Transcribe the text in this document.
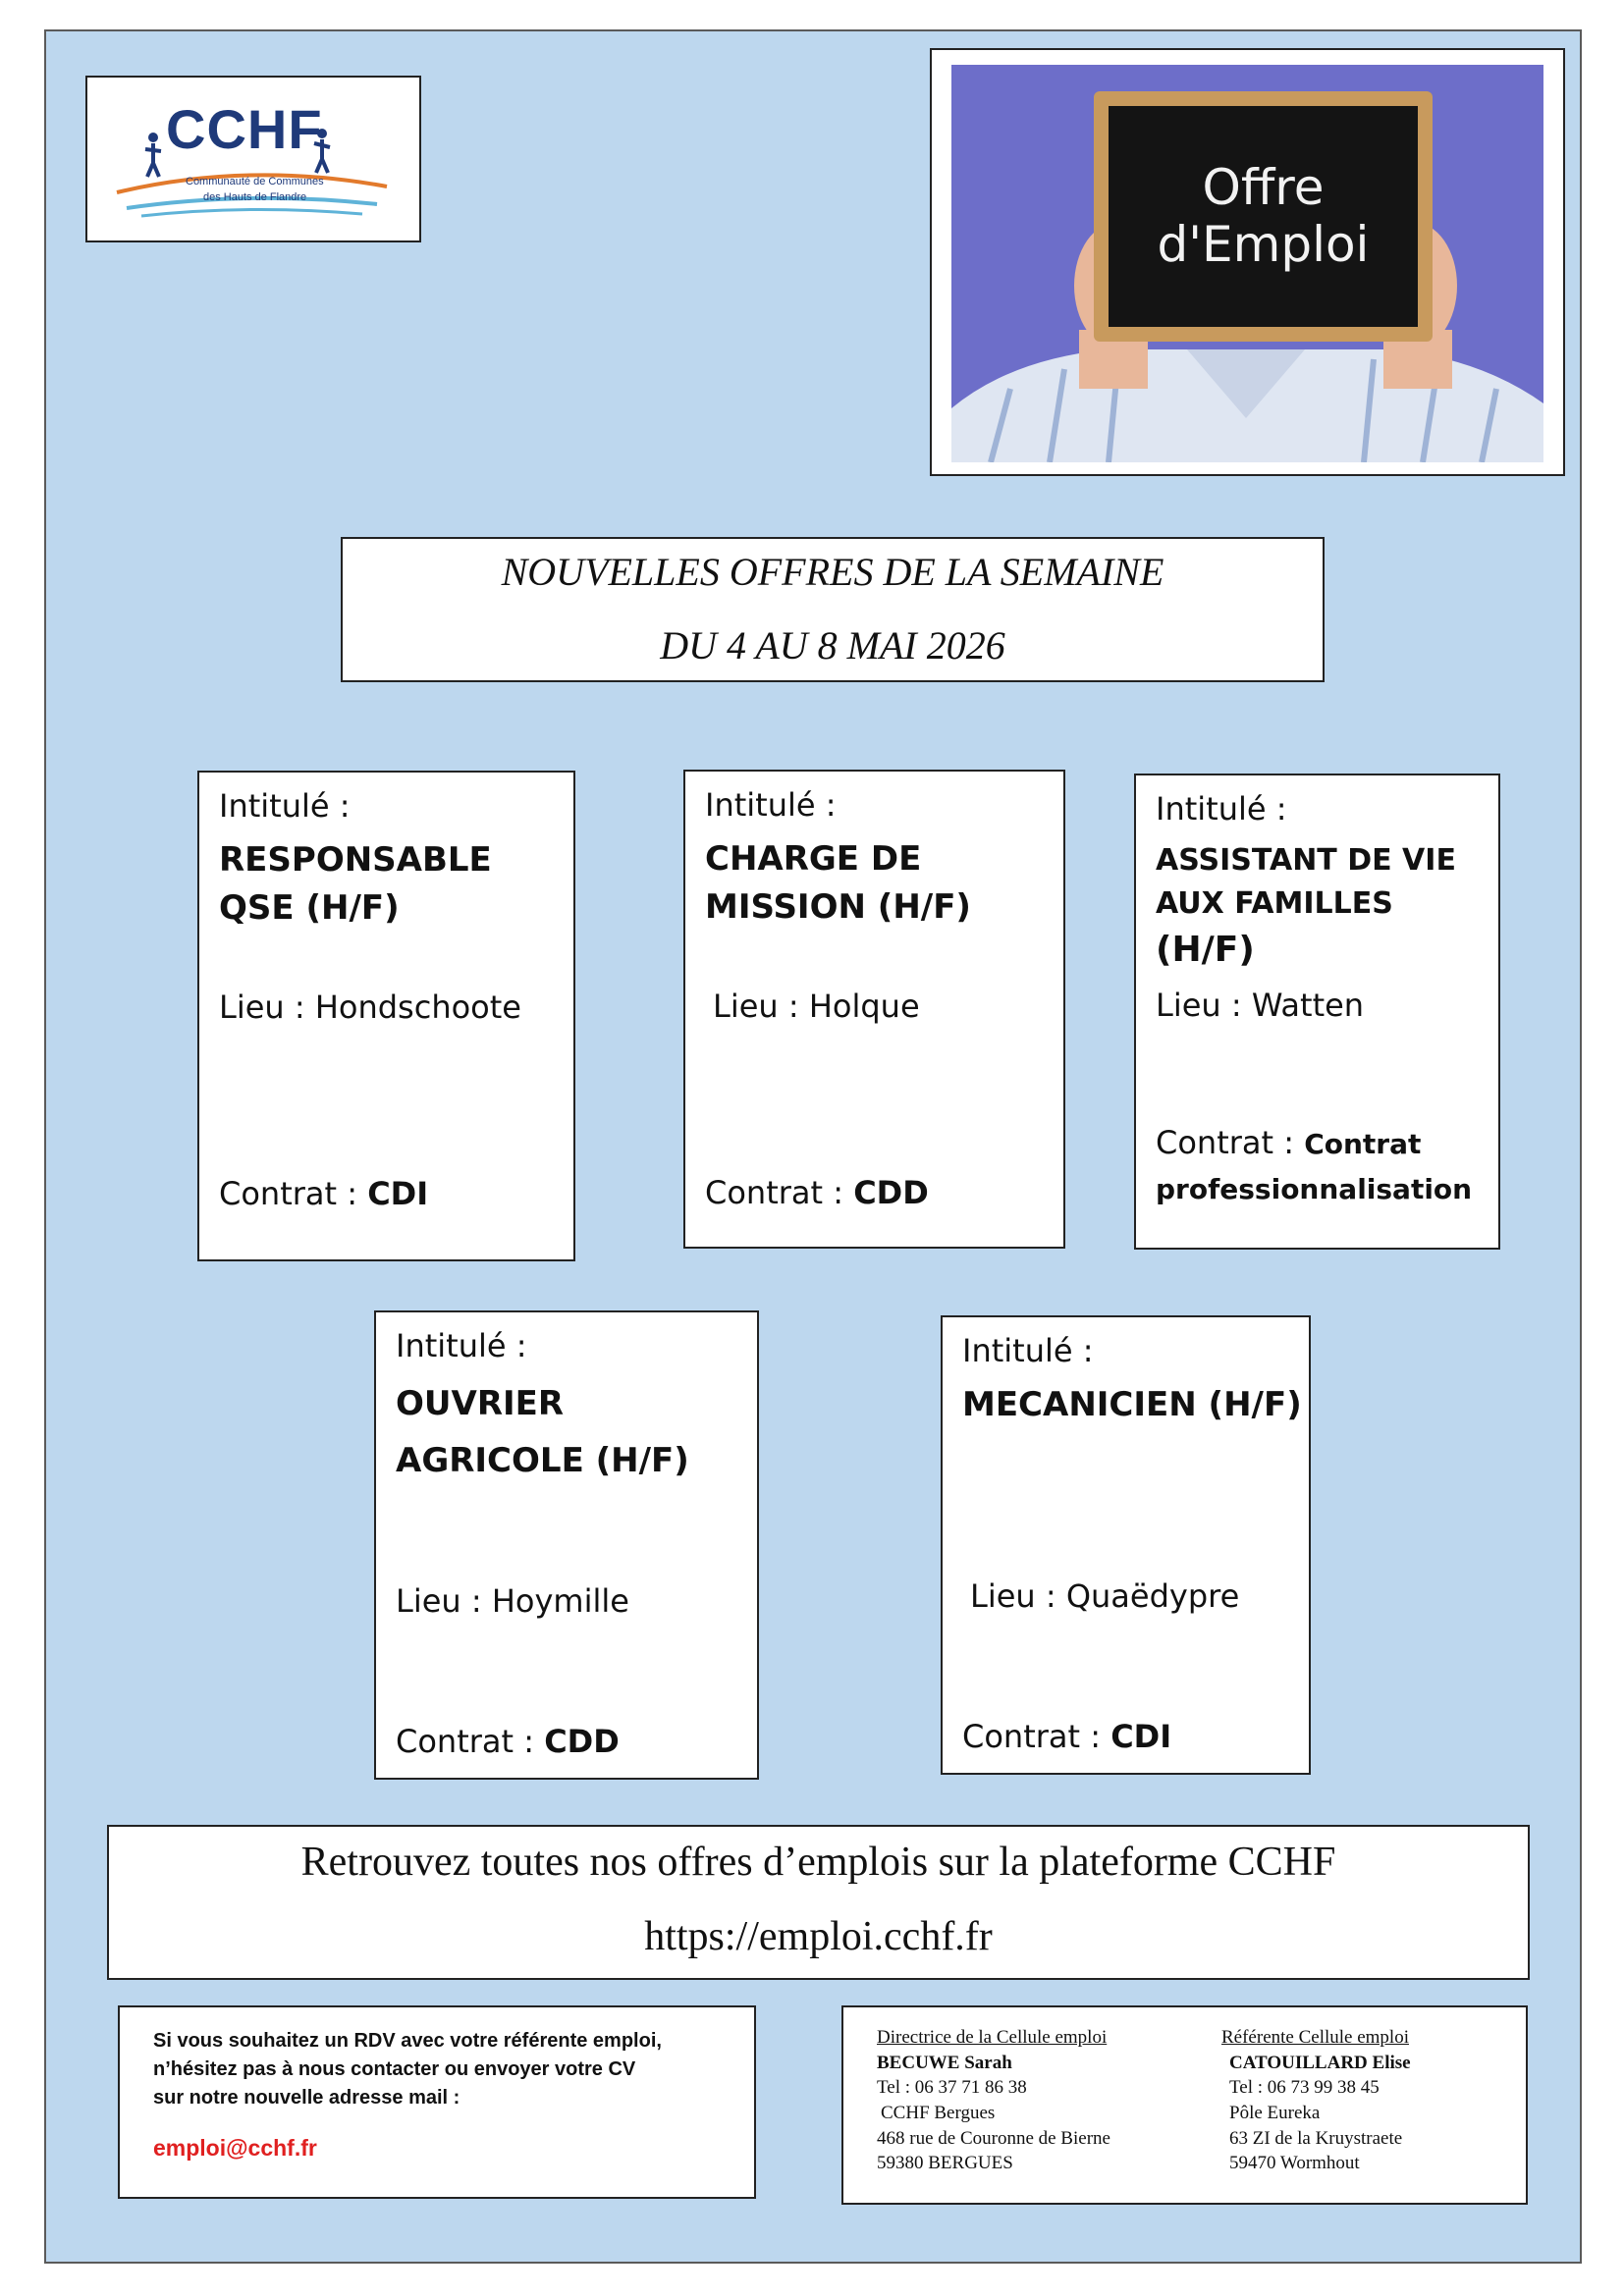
CCHF
Communauté de Communes
des Hauts de Flandre	Offre
d'Emploi
NOUVELLES OFFRES DE LA SEMAINE
DU 4 AU 8 MAI 2026
Intitulé :
RESPONSABLE
QSE (H/F)
Lieu : Hondschoote
Contrat : CDI
Intitulé :
CHARGE DE
MISSION (H/F)
Lieu : Holque
Contrat : CDD
Intitulé :
ASSISTANT DE VIE
AUX FAMILLES
(H/F)
Lieu : Watten
Contrat : Contrat
professionnalisation
Intitulé :
OUVRIER
AGRICOLE (H/F)
Lieu : Hoymille
Contrat : CDD
Intitulé :
MECANICIEN (H/F)
Lieu : Quaëdypre
Contrat : CDI
Retrouvez toutes nos offres d’emplois sur la plateforme CCHF
https://emploi.cchf.fr
Si vous souhaitez un RDV avec votre référente emploi,
n’hésitez pas à nous contacter ou envoyer votre CV
sur notre nouvelle adresse mail :
emploi@cchf.fr
Directrice de la Cellule emploi
BECUWE Sarah
Tel : 06 37 71 86 38
CCHF Bergues
468 rue de Couronne de Bierne
59380 BERGUES
Référente Cellule emploi
CATOUILLARD Elise
Tel : 06 73 99 38 45
Pôle Eureka
63 ZI de la Kruystraete
59470 Wormhout
